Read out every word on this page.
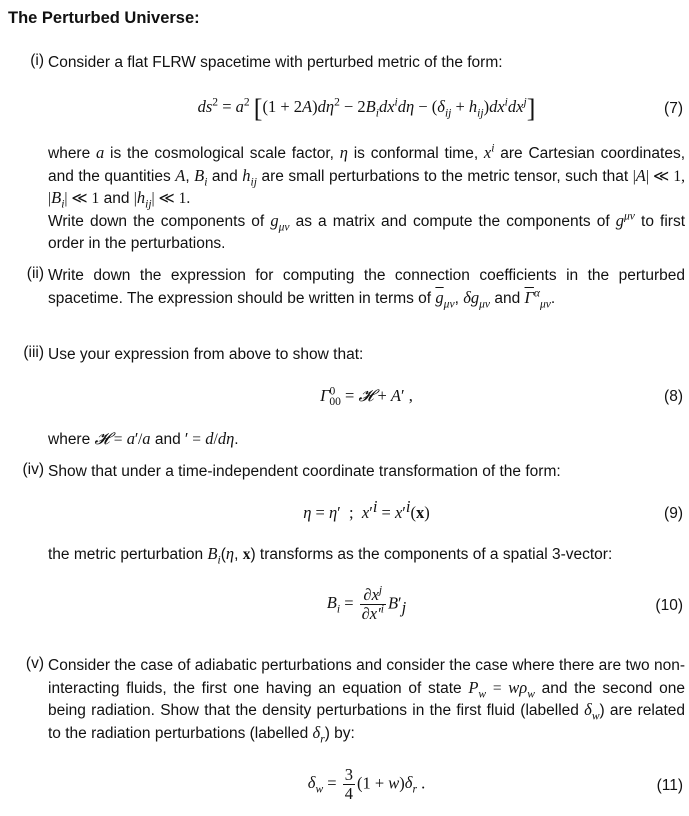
The Perturbed Universe:
(i) Consider a flat FLRW spacetime with perturbed metric of the form:
$ds^2 = a^2$ $[(1 + 2A)d\eta^2 - 2B_idx^id\eta - (\delta_{ij} + h_{ij})dx^idx^j]$	(7)
where a is the cosmological scale factor, η is conformal time, $x^i$ are Cartesian coordinates, and the quantities A, $B_i$ and $h_{ij}$ are small perturbations to the metric tensor, such that |A| ≪ 1, $|B_i|$ ≪ 1 and $|h_{ij}|$ ≪ 1.
Write down the components of $g_{\mu\nu}$ as a matrix and compute the components of $g^{\mu\nu}$ to first order in the perturbations.
(ii) Write down the expression for computing the connection coefficients in the perturbed spacetime. The expression should be written in terms of $\overline{g}_{\mu\nu}$, $\delta g_{\mu\nu}$ and $\overline{\Gamma}^\alpha_{\mu\nu}$.
(iii) Use your expression from above to show that:
$\Gamma^0_{00}$ = 𝓗 + A′ ,	(8)
where 𝓗 = a′/a and ′ = d/dη.
(iv) Show that under a time-independent coordinate transformation of the form:
η = η′  ;  $x'^i = x'^i(x)$	(9)
the metric perturbation $B_i(\eta$, x) transforms as the components of a spatial 3-vector:
$B_i = \frac{\partial x^j}{\partial x'^i} B'_j$	(10)
(v) Consider the case of adiabatic perturbations and consider the case where there are two non-interacting fluids, the first one having an equation of state $P_w = w\rho_w$ and the second one being radiation. Show that the density perturbations in the first fluid (labelled $\delta_w$) are related to the radiation perturbations (labelled $\delta_r$) by:
$\delta_w = \frac{3}{4} (1 + w)\delta_r$ .	(11)
